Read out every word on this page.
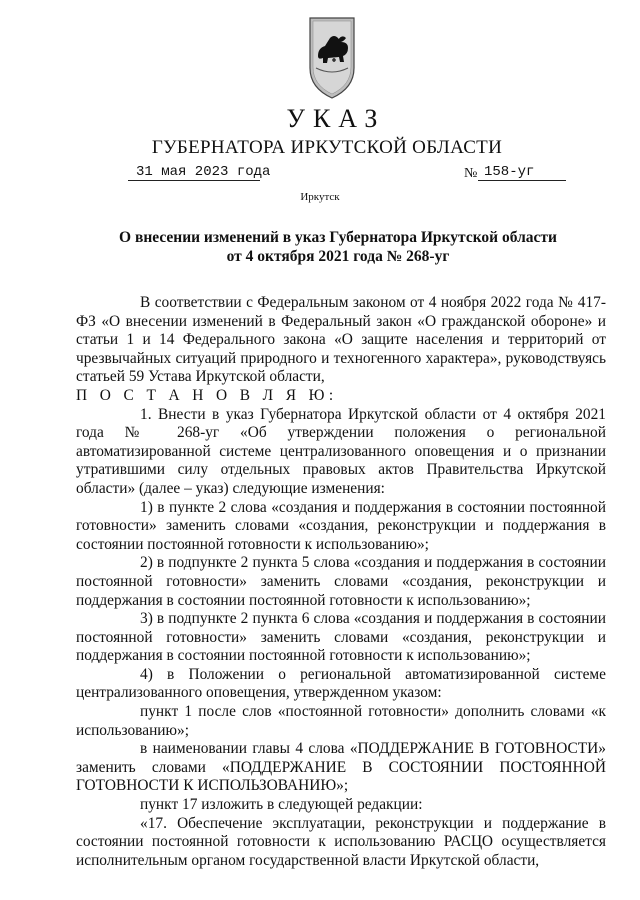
УКАЗ
ГУБЕРНАТОРА ИРКУТСКОЙ ОБЛАСТИ
31 мая 2023 года	№ 158-уг
Иркутск
О внесении изменений в указ Губернатора Иркутской области
от 4 октября 2021 года № 268-уг

В соответствии с Федеральным законом от 4 ноября 2022 года № 417-ФЗ «О внесении изменений в Федеральный закон «О гражданской обороне» и статьи 1 и 14 Федерального закона «О защите населения и территорий от чрезвычайных ситуаций природного и техногенного характера», руководствуясь статьей 59 Устава Иркутской области,

П О С Т А Н О В Л Я Ю:

1. Внести в указ Губернатора Иркутской области от 4 октября 2021 года № 268-уг «Об утверждении положения о региональной автоматизированной системе централизованного оповещения и о признании утратившими силу отдельных правовых актов Правительства Иркутской области» (далее – указ) следующие изменения:

1) в пункте 2 слова «создания и поддержания в состоянии постоянной готовности» заменить словами «создания, реконструкции и поддержания в состоянии постоянной готовности к использованию»;

2) в подпункте 2 пункта 5 слова «создания и поддержания в состоянии постоянной готовности» заменить словами «создания, реконструкции и поддержания в состоянии постоянной готовности к использованию»;

3) в подпункте 2 пункта 6 слова «создания и поддержания в состоянии постоянной готовности» заменить словами «создания, реконструкции и поддержания в состоянии постоянной готовности к использованию»;

4) в Положении о региональной автоматизированной системе централизованного оповещения, утвержденном указом:

пункт 1 после слов «постоянной готовности» дополнить словами «к использованию»;

в наименовании главы 4 слова «ПОДДЕРЖАНИЕ В ГОТОВНОСТИ» заменить словами «ПОДДЕРЖАНИЕ В СОСТОЯНИИ ПОСТОЯННОЙ ГОТОВНОСТИ К ИСПОЛЬЗОВАНИЮ»;

пункт 17 изложить в следующей редакции:

«17. Обеспечение эксплуатации, реконструкции и поддержание в состоянии постоянной готовности к использованию РАСЦО осуществляется исполнительным органом государственной власти Иркутской области,
